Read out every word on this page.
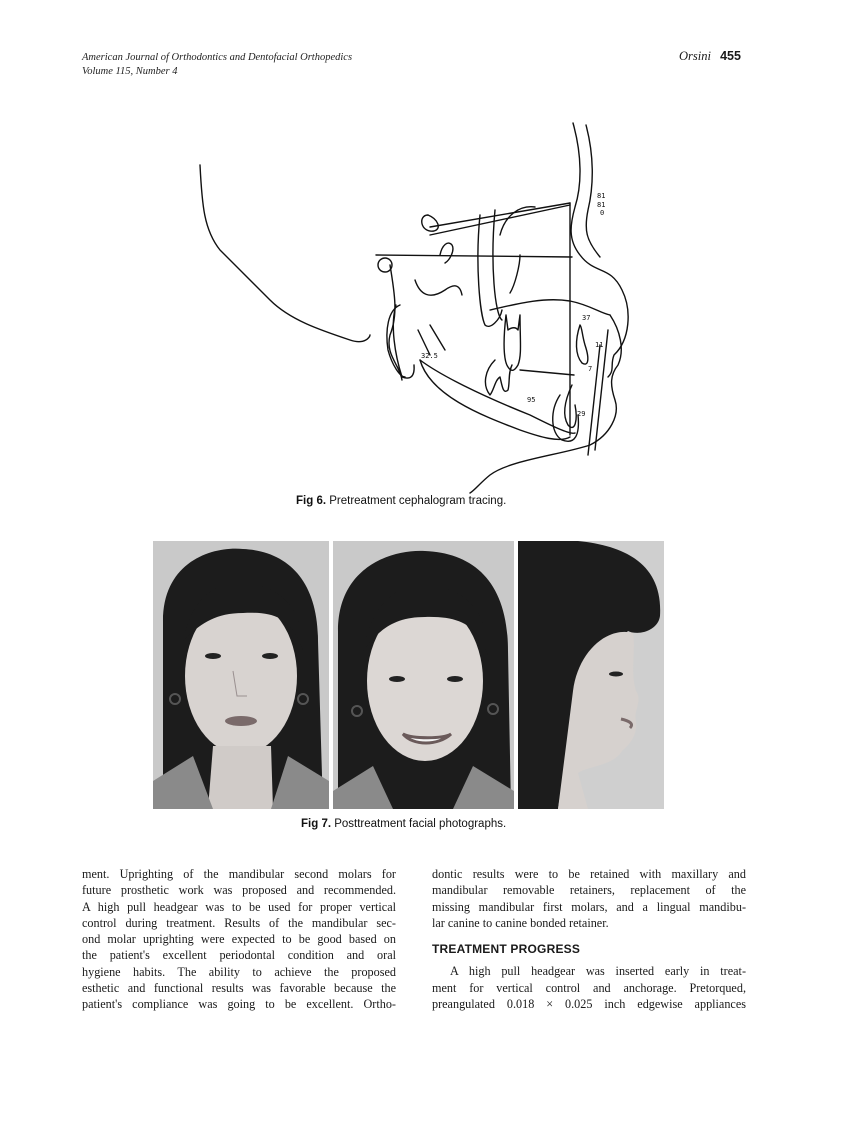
American Journal of Orthodontics and Dentofacial Orthopedics
Volume 115, Number 4
Orsini 455
81
81
0
32.5
37
11
7
95
29
Fig 6. Pretreatment cephalogram tracing.
Fig 7. Posttreatment facial photographs.

ment. Uprighting of the mandibular second molars for
future prosthetic work was proposed and recommended.
A high pull headgear was to be used for proper vertical
control during treatment. Results of the mandibular sec-
ond molar uprighting were expected to be good based on
the patient's excellent periodontal condition and oral
hygiene habits. The ability to achieve the proposed
esthetic and functional results was favorable because the
patient's compliance was going to be excellent. Ortho-

dontic results were to be retained with maxillary and
mandibular removable retainers, replacement of the
missing mandibular first molars, and a lingual mandibu-
lar canine to canine bonded retainer.

TREATMENT PROGRESS

A high pull headgear was inserted early in treat-
ment for vertical control and anchorage. Pretorqued,
preangulated 0.018 × 0.025 inch edgewise appliances
